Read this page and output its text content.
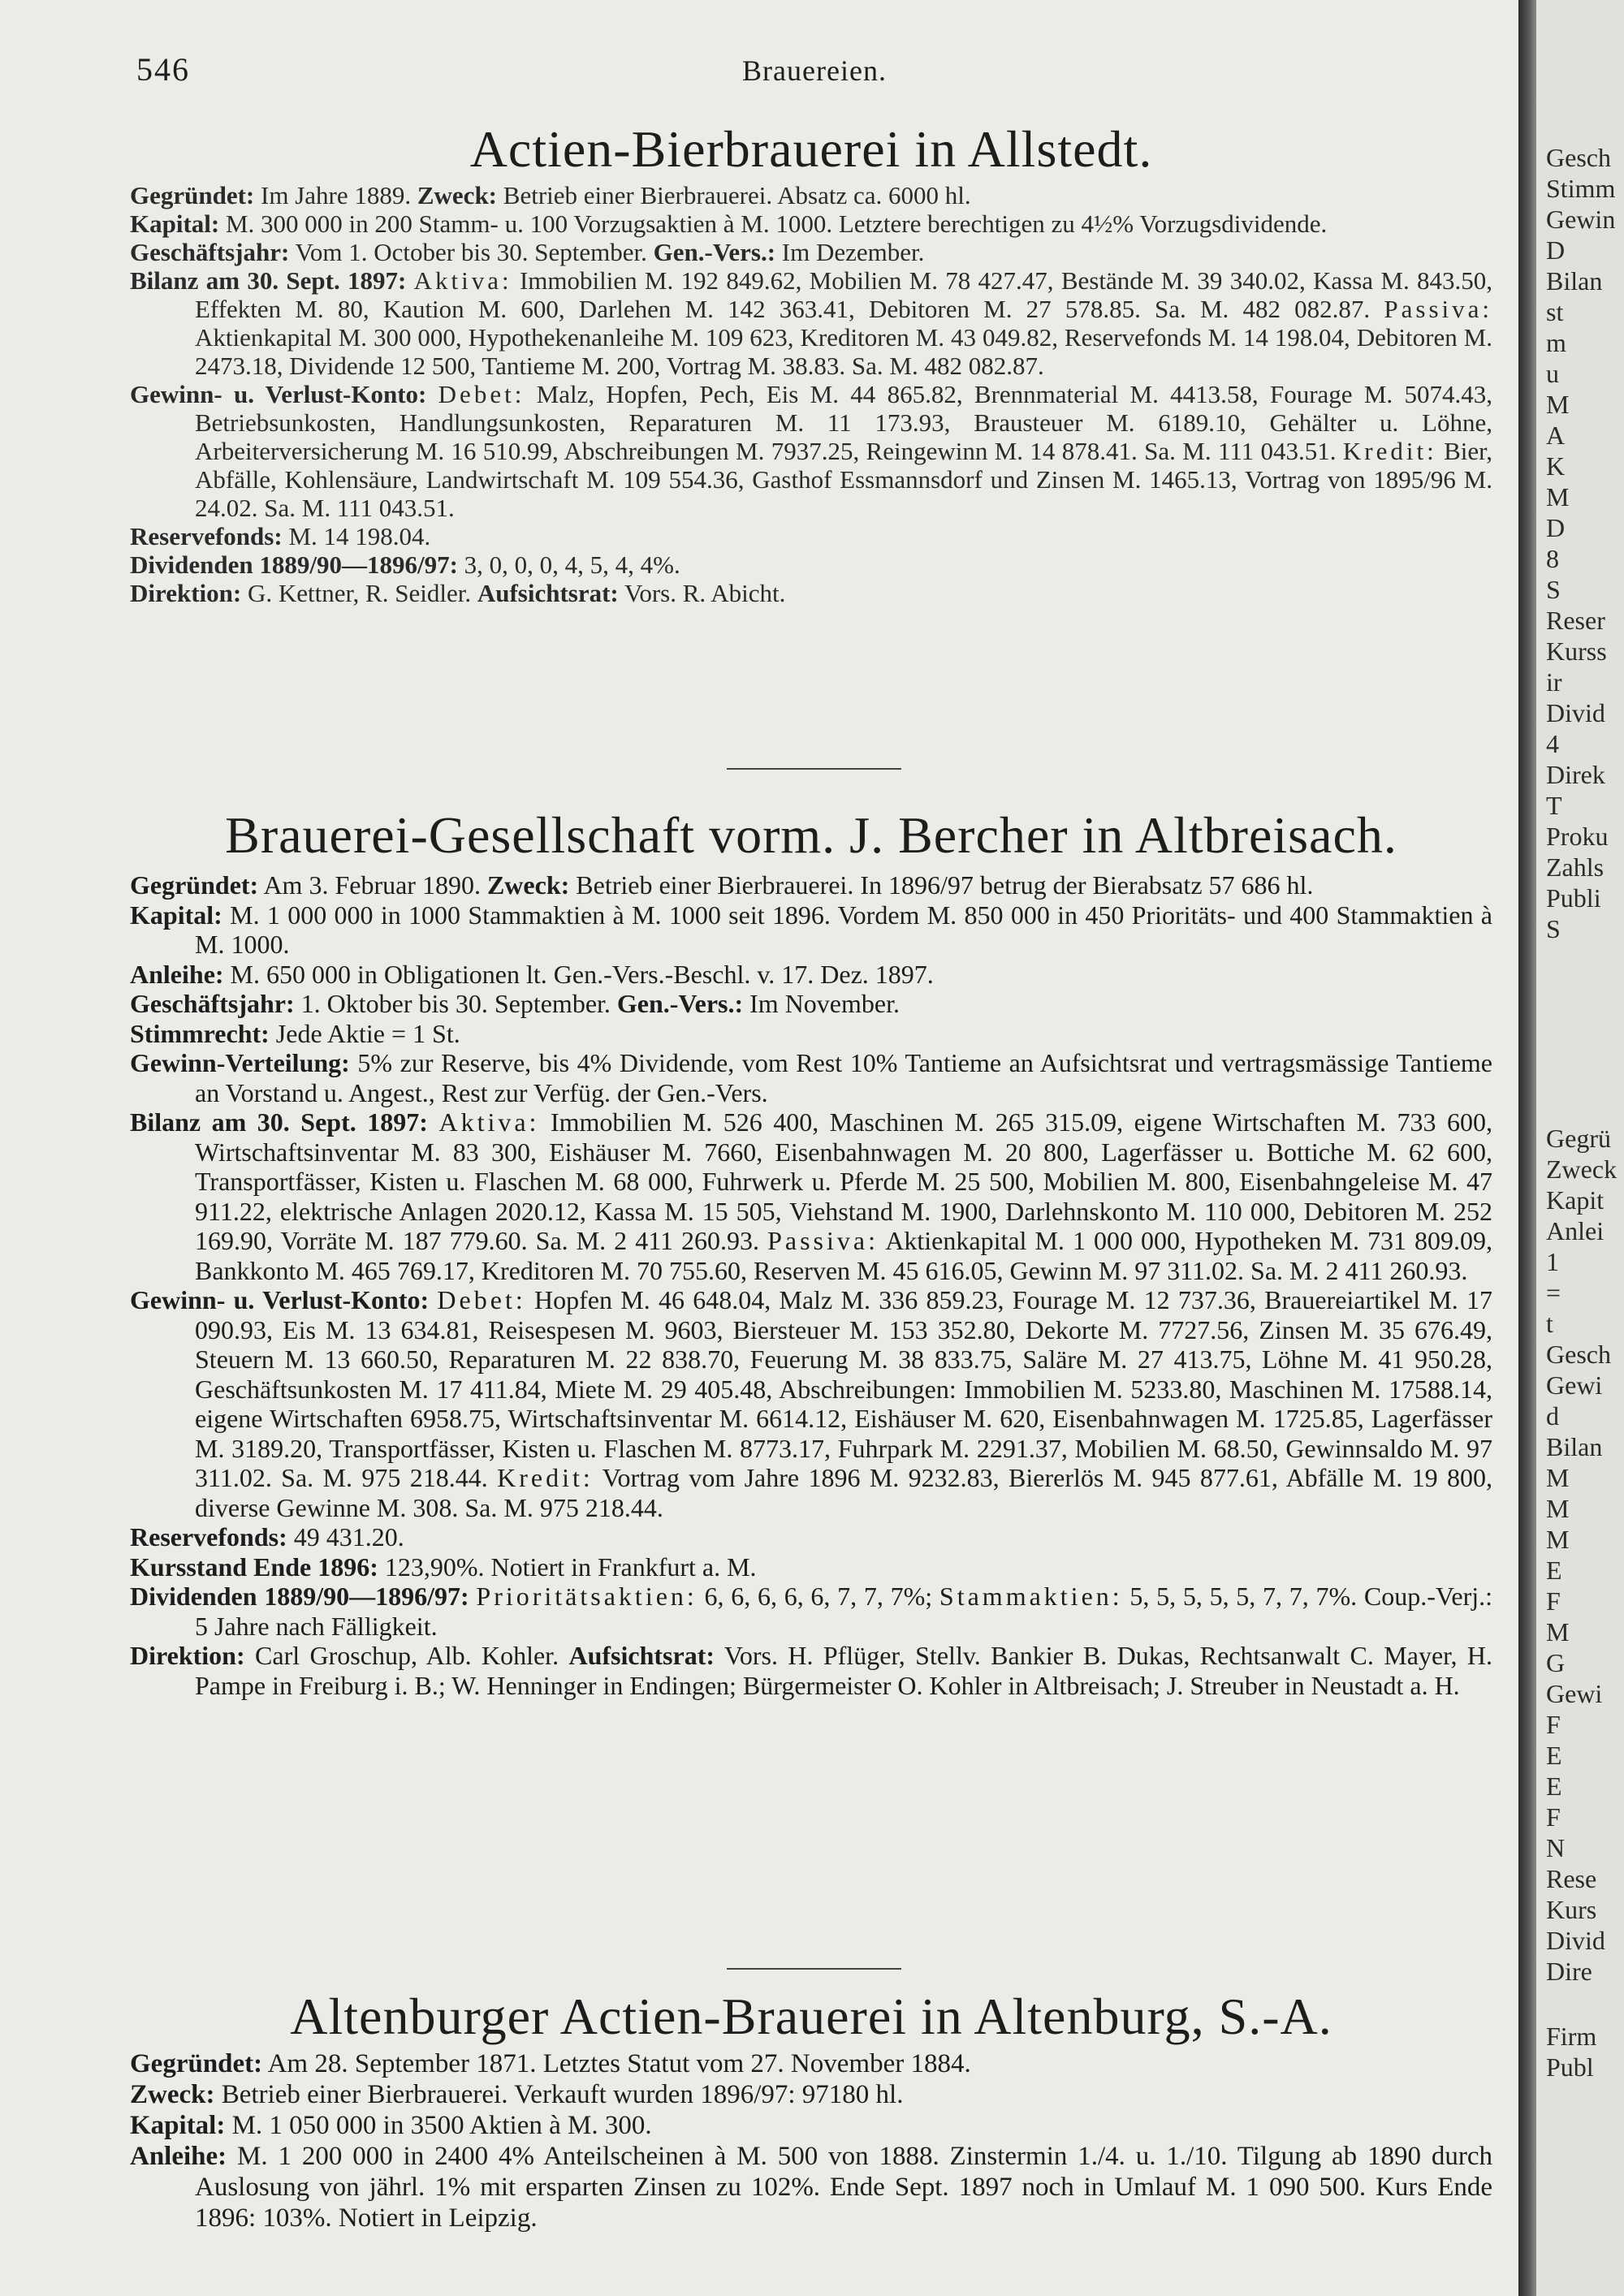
546	Brauereien.
Actien-Bierbrauerei in Allstedt.

Gegründet: Im Jahre 1889. Zweck: Betrieb einer Bierbrauerei. Absatz ca. 6000 hl.

Kapital: M. 300 000 in 200 Stamm- u. 100 Vorzugsaktien à M. 1000. Letztere berechtigen zu 4½% Vorzugsdividende.

Geschäftsjahr: Vom 1. October bis 30. September. Gen.-Vers.: Im Dezember.

Bilanz am 30. Sept. 1897: Aktiva: Immobilien M. 192 849.62, Mobilien M. 78 427.47, Bestände M. 39 340.02, Kassa M. 843.50, Effekten M. 80, Kaution M. 600, Darlehen M. 142 363.41, Debitoren M. 27 578.85. Sa. M. 482 082.87. Passiva: Aktienkapital M. 300 000, Hypothekenanleihe M. 109 623, Kreditoren M. 43 049.82, Reservefonds M. 14 198.04, Debitoren M. 2473.18, Dividende 12 500, Tantieme M. 200, Vortrag M. 38.83. Sa. M. 482 082.87.

Gewinn- u. Verlust-Konto: Debet: Malz, Hopfen, Pech, Eis M. 44 865.82, Brennmaterial M. 4413.58, Fourage M. 5074.43, Betriebsunkosten, Handlungsunkosten, Reparaturen M. 11 173.93, Brausteuer M. 6189.10, Gehälter u. Löhne, Arbeiterversicherung M. 16 510.99, Abschreibungen M. 7937.25, Reingewinn M. 14 878.41. Sa. M. 111 043.51. Kredit: Bier, Abfälle, Kohlensäure, Landwirtschaft M. 109 554.36, Gasthof Essmannsdorf und Zinsen M. 1465.13, Vortrag von 1895/96 M. 24.02. Sa. M. 111 043.51.

Reservefonds: M. 14 198.04.

Dividenden 1889/90—1896/97: 3, 0, 0, 0, 4, 5, 4, 4%.

Direktion: G. Kettner, R. Seidler. Aufsichtsrat: Vors. R. Abicht.

Brauerei-Gesellschaft vorm. J. Bercher in Altbreisach.

Gegründet: Am 3. Februar 1890. Zweck: Betrieb einer Bierbrauerei. In 1896/97 betrug der Bierabsatz 57 686 hl.

Kapital: M. 1 000 000 in 1000 Stammaktien à M. 1000 seit 1896. Vordem M. 850 000 in 450 Prioritäts- und 400 Stammaktien à M. 1000.

Anleihe: M. 650 000 in Obligationen lt. Gen.-Vers.-Beschl. v. 17. Dez. 1897.

Geschäftsjahr: 1. Oktober bis 30. September. Gen.-Vers.: Im November.

Stimmrecht: Jede Aktie = 1 St.

Gewinn-Verteilung: 5% zur Reserve, bis 4% Dividende, vom Rest 10% Tantieme an Aufsichtsrat und vertragsmässige Tantieme an Vorstand u. Angest., Rest zur Verfüg. der Gen.-Vers.

Bilanz am 30. Sept. 1897: Aktiva: Immobilien M. 526 400, Maschinen M. 265 315.09, eigene Wirtschaften M. 733 600, Wirtschaftsinventar M. 83 300, Eishäuser M. 7660, Eisenbahnwagen M. 20 800, Lagerfässer u. Bottiche M. 62 600, Transportfässer, Kisten u. Flaschen M. 68 000, Fuhrwerk u. Pferde M. 25 500, Mobilien M. 800, Eisenbahngeleise M. 47 911.22, elektrische Anlagen 2020.12, Kassa M. 15 505, Viehstand M. 1900, Darlehnskonto M. 110 000, Debitoren M. 252 169.90, Vorräte M. 187 779.60. Sa. M. 2 411 260.93. Passiva: Aktienkapital M. 1 000 000, Hypotheken M. 731 809.09, Bankkonto M. 465 769.17, Kreditoren M. 70 755.60, Reserven M. 45 616.05, Gewinn M. 97 311.02. Sa. M. 2 411 260.93.

Gewinn- u. Verlust-Konto: Debet: Hopfen M. 46 648.04, Malz M. 336 859.23, Fourage M. 12 737.36, Brauereiartikel M. 17 090.93, Eis M. 13 634.81, Reisespesen M. 9603, Biersteuer M. 153 352.80, Dekorte M. 7727.56, Zinsen M. 35 676.49, Steuern M. 13 660.50, Reparaturen M. 22 838.70, Feuerung M. 38 833.75, Saläre M. 27 413.75, Löhne M. 41 950.28, Geschäftsunkosten M. 17 411.84, Miete M. 29 405.48, Abschreibungen: Immobilien M. 5233.80, Maschinen M. 17588.14, eigene Wirtschaften 6958.75, Wirtschaftsinventar M. 6614.12, Eishäuser M. 620, Eisenbahnwagen M. 1725.85, Lagerfässer M. 3189.20, Transportfässer, Kisten u. Flaschen M. 8773.17, Fuhrpark M. 2291.37, Mobilien M. 68.50, Gewinnsaldo M. 97 311.02. Sa. M. 975 218.44. Kredit: Vortrag vom Jahre 1896 M. 9232.83, Biererlös M. 945 877.61, Abfälle M. 19 800, diverse Gewinne M. 308. Sa. M. 975 218.44.

Reservefonds: 49 431.20.

Kursstand Ende 1896: 123,90%. Notiert in Frankfurt a. M.

Dividenden 1889/90—1896/97: Prioritätsaktien: 6, 6, 6, 6, 6, 7, 7, 7%; Stammaktien: 5, 5, 5, 5, 5, 7, 7, 7%. Coup.-Verj.: 5 Jahre nach Fälligkeit.

Direktion: Carl Groschup, Alb. Kohler. Aufsichtsrat: Vors. H. Pflüger, Stellv. Bankier B. Dukas, Rechtsanwalt C. Mayer, H. Pampe in Freiburg i. B.; W. Henninger in Endingen; Bürgermeister O. Kohler in Altbreisach; J. Streuber in Neustadt a. H.

Altenburger Actien-Brauerei in Altenburg, S.-A.

Gegründet: Am 28. September 1871. Letztes Statut vom 27. November 1884.

Zweck: Betrieb einer Bierbrauerei. Verkauft wurden 1896/97: 97180 hl.

Kapital: M. 1 050 000 in 3500 Aktien à M. 300.

Anleihe: M. 1 200 000 in 2400 4% Anteilscheinen à M. 500 von 1888. Zinstermin 1./4. u. 1./10. Tilgung ab 1890 durch Auslosung von jährl. 1% mit ersparten Zinsen zu 102%. Ende Sept. 1897 noch in Umlauf M. 1 090 500. Kurs Ende 1896: 103%. Notiert in Leipzig.

Gesch
Stimm
Gewin
D
Bilan
st
m
u
M
A
K
M
D
8
S
Reser
Kurss
ir
Divid
4
Direk
T
Proku
Zahls
Publi
S
Gegrü
Zweck
Kapit
Anlei
1
=
t
Gesch
Gewi
d
Bilan
M
M
M
E
F
M
G
Gewi
F
E
E
F
N
Rese
Kurs
Divid
Dire
Firm
Publ
